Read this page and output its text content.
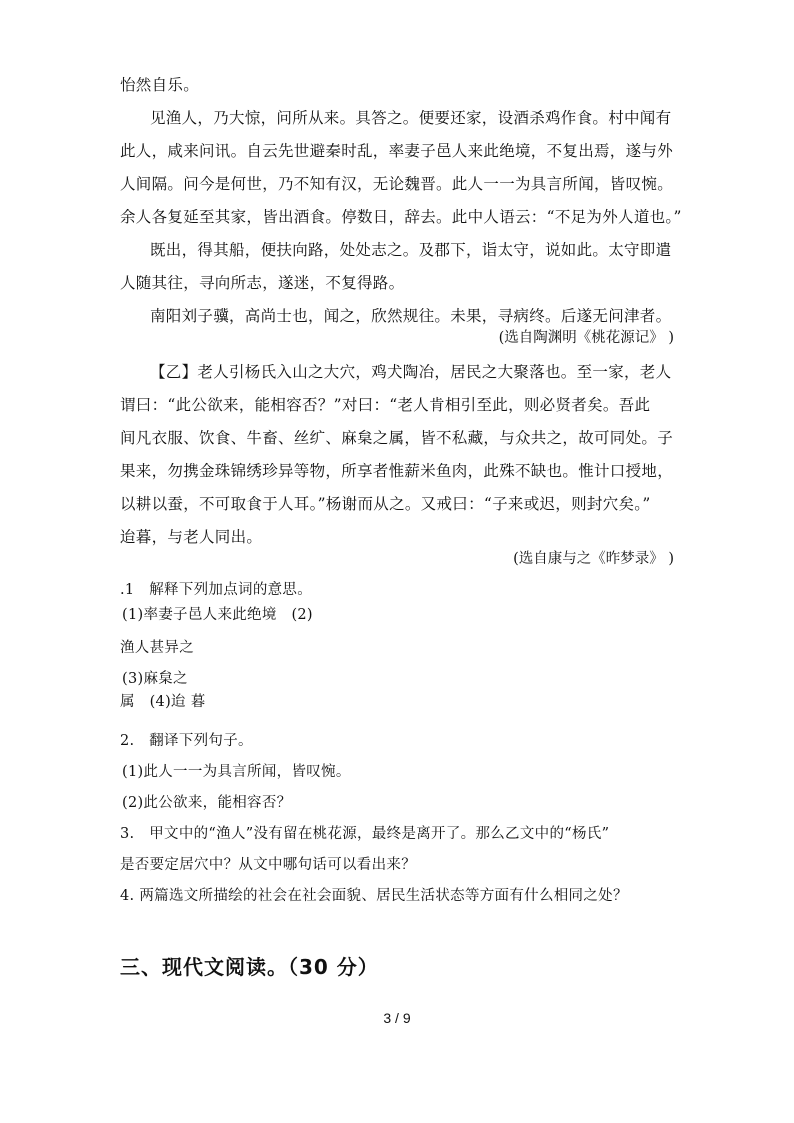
怡然自乐。
见渔人，乃大惊，问所从来。具答之。便要还家，设酒杀鸡作食。村中闻有
此人，咸来问讯。自云先世避秦时乱，率妻子邑人来此绝境，不复出焉，遂与外
人间隔。问今是何世，乃不知有汉，无论魏晋。此人一一为具言所闻，皆叹惋。
余人各复延至其家，皆出酒食。停数日，辞去。此中人语云：“不足为外人道也。”
既出，得其船，便扶向路，处处志之。及郡下，诣太守，说如此。太守即遣
人随其往，寻向所志，遂迷，不复得路。
南阳刘子骥，高尚士也，闻之，欣然规往。未果，寻病终。后遂无问津者。
(选自陶渊明《桃花源记》 )
【乙】老人引杨氏入山之大穴，鸡犬陶冶，居民之大聚落也。至一家，老人
谓曰：“此公欲来，能相容否？”对曰：“老人肯相引至此，则必贤者矣。吾此
间凡衣服、饮食、牛畜、丝纩、麻枲之属，皆不私藏，与众共之，故可同处。子
果来，勿携金珠锦绣珍异等物，所享者惟薪米鱼肉，此殊不缺也。惟计口授地，
以耕以蚕，不可取食于人耳。”杨谢而从之。又戒曰：“子来或迟，则封穴矣。”
迨暮，与老人同出。
(选自康与之《昨梦录》 )
.1　解释下列加点词的意思。
(1)率妻子邑人来此绝境　(2)
渔人甚异之
(3)麻枲之
属　(4)迨 暮
2.　翻译下列句子。
(1)此人一一为具言所闻，皆叹惋。
(2)此公欲来，能相容否？
3.　甲文中的“渔人”没有留在桃花源，最终是离开了。那么乙文中的“杨氏”
是否要定居穴中？从文中哪句话可以看出来？
4. 两篇选文所描绘的社会在社会面貌、居民生活状态等方面有什么相同之处？
三、现代文阅读。（30 分）
3 / 9
